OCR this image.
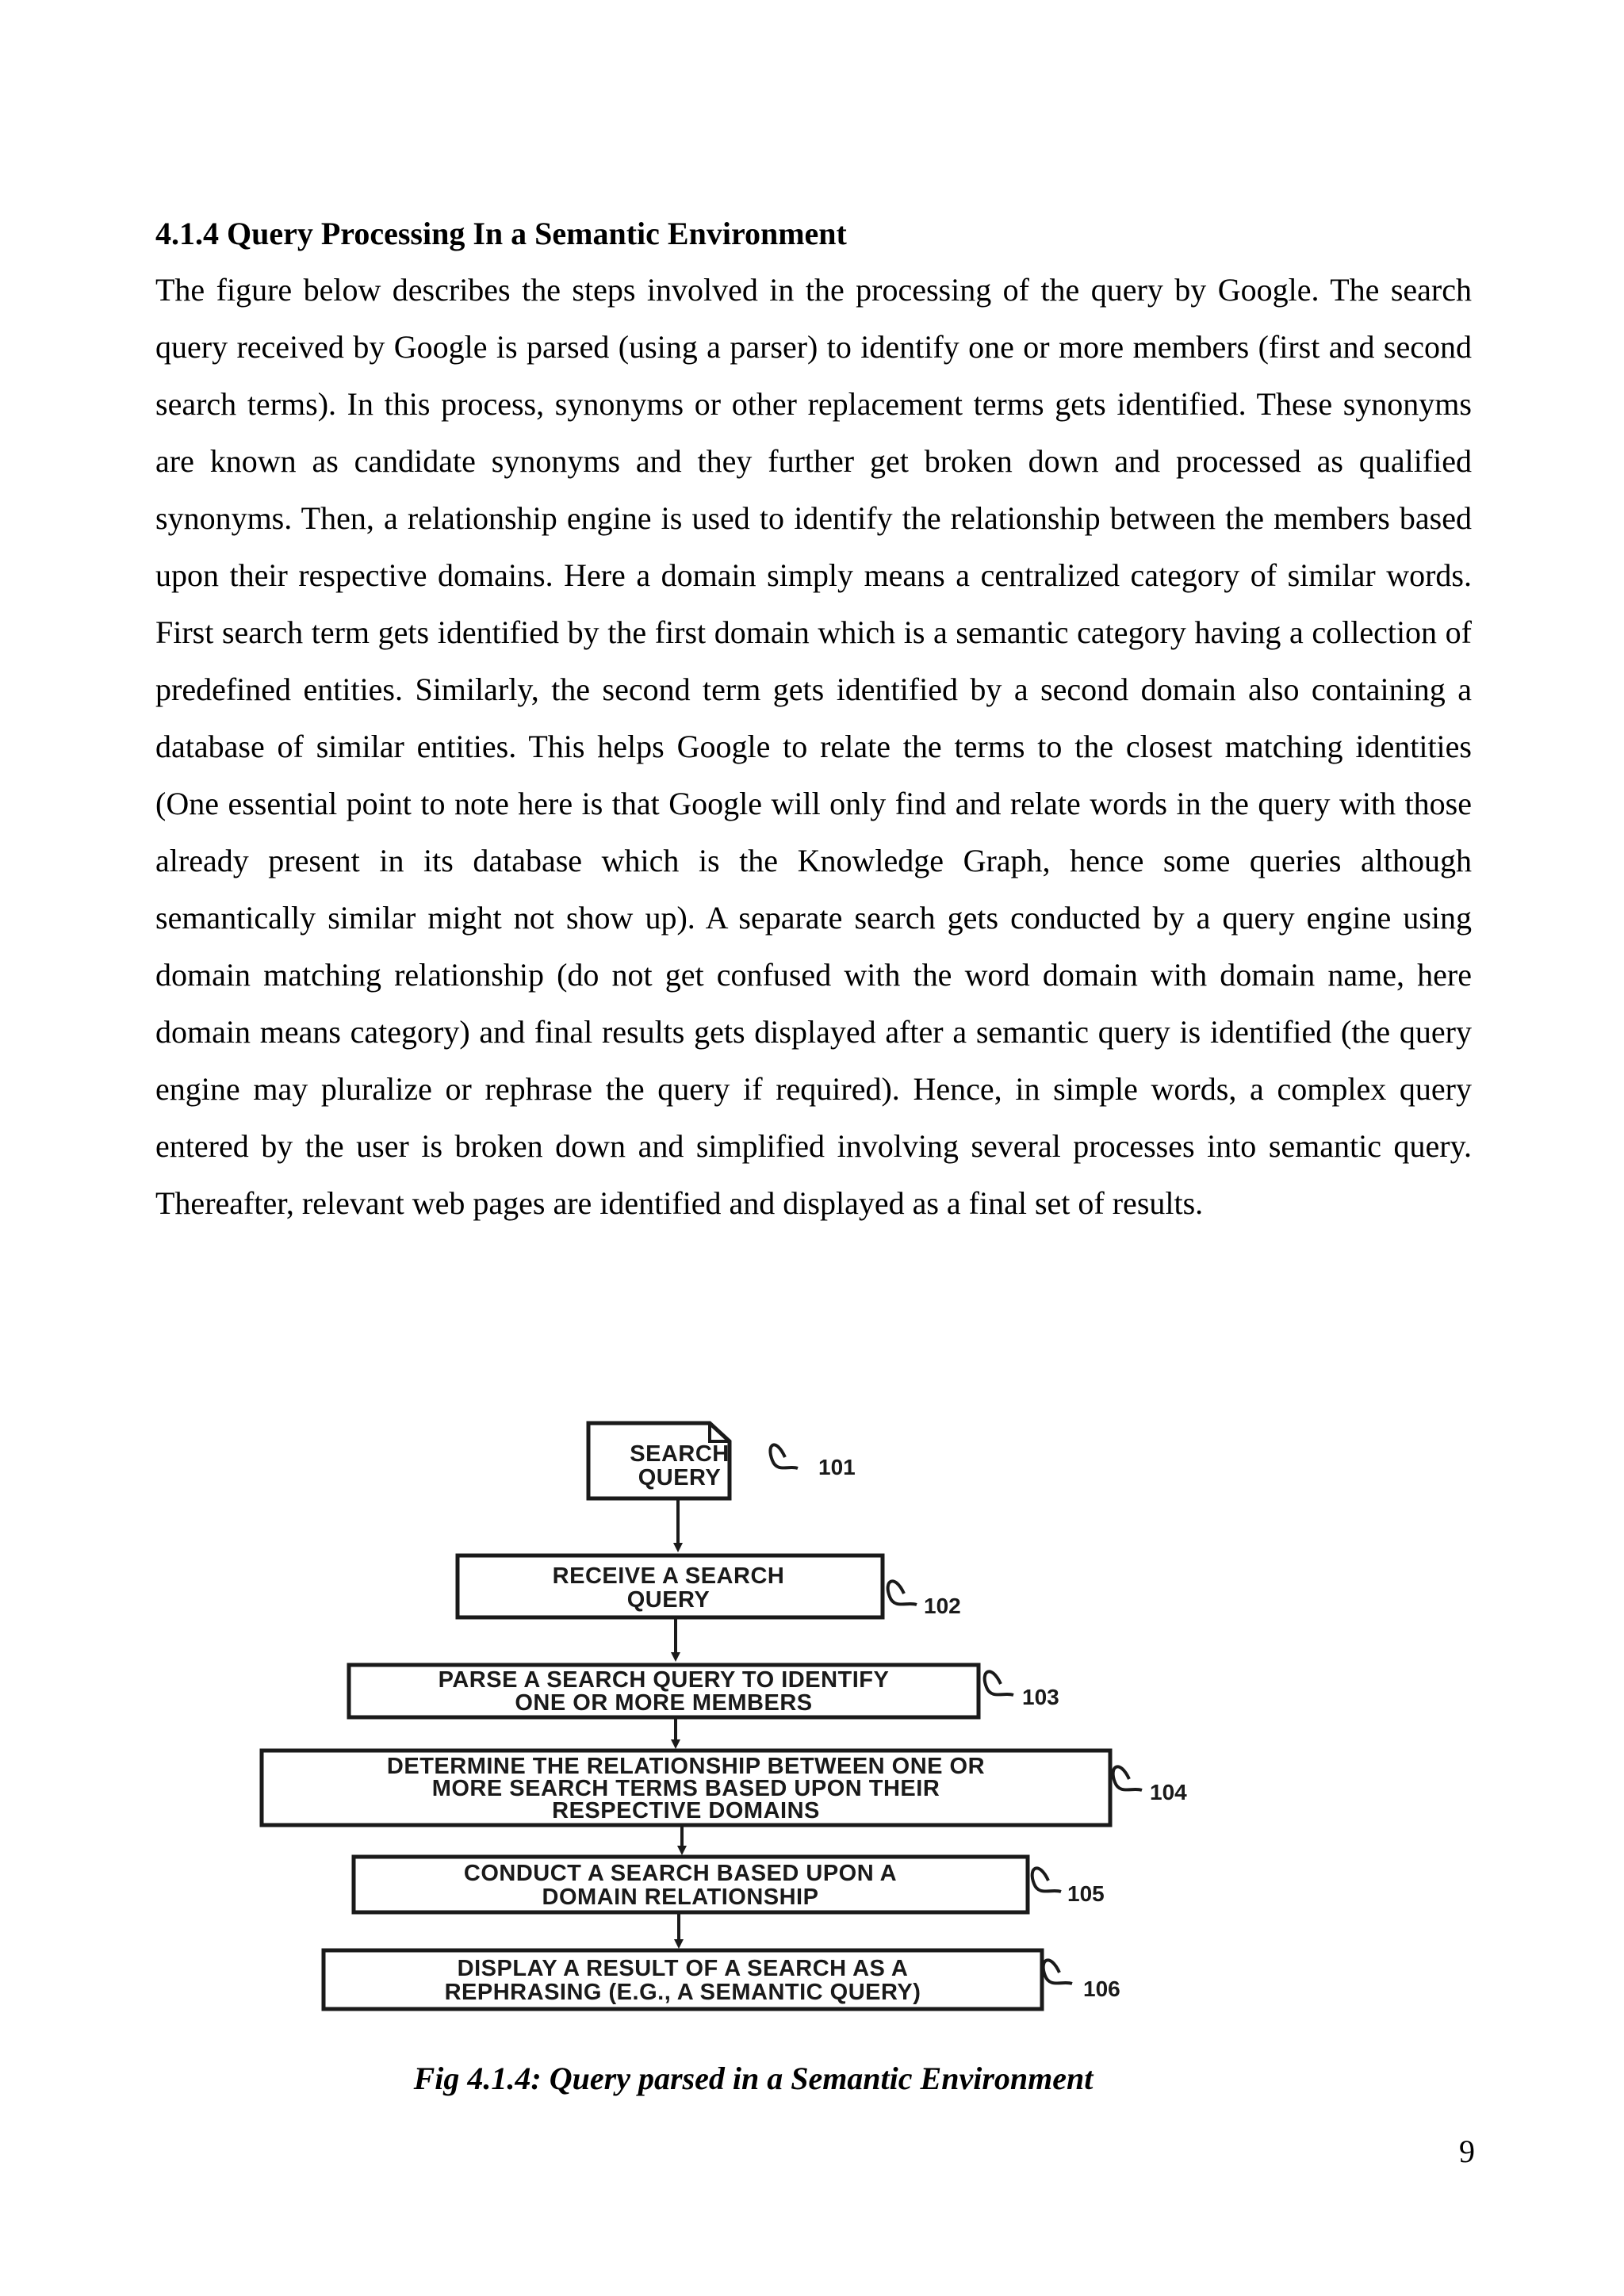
4.1.4 Query Processing In a Semantic Environment

The figure below describes the steps involved in the processing of the query by Google. The search query received by Google is parsed (using a parser) to identify one or more members (first and second search terms). In this process, synonyms or other replacement terms gets identified. These synonyms are known as candidate synonyms and they further get broken down and processed as qualified synonyms. Then, a relationship engine is used to identify the relationship between the members based upon their respective domains. Here a domain simply means a centralized category of similar words. First search term gets identified by the first domain which is a semantic category having a collection of predefined entities. Similarly, the second term gets identified by a second domain also containing a database of similar entities. This helps Google to relate the terms to the closest matching identities (One essential point to note here is that Google will only find and relate words in the query with those already present in its database which is the Knowledge Graph, hence some queries although semantically similar might not show up). A separate search gets conducted by a query engine using domain matching relationship (do not get confused with the word domain with domain name, here domain means category) and final results gets displayed after a semantic query is identified (the query engine may pluralize or rephrase the query if required). Hence, in simple words, a complex query entered by the user is broken down and simplified involving several processes into semantic query. Thereafter, relevant web pages are identified and displayed as a final set of results.

SEARCH
QUERY	101
RECEIVE A SEARCH
QUERY	102
PARSE A SEARCH QUERY TO IDENTIFY
ONE OR MORE MEMBERS	103
DETERMINE THE RELATIONSHIP BETWEEN ONE OR
MORE SEARCH TERMS BASED UPON THEIR
RESPECTIVE DOMAINS
104
CONDUCT A SEARCH BASED UPON A
DOMAIN RELATIONSHIP	105
DISPLAY A RESULT OF A SEARCH AS A
REPHRASING (E.G., A SEMANTIC QUERY)	106

Fig 4.1.4: Query parsed in a Semantic Environment

9
